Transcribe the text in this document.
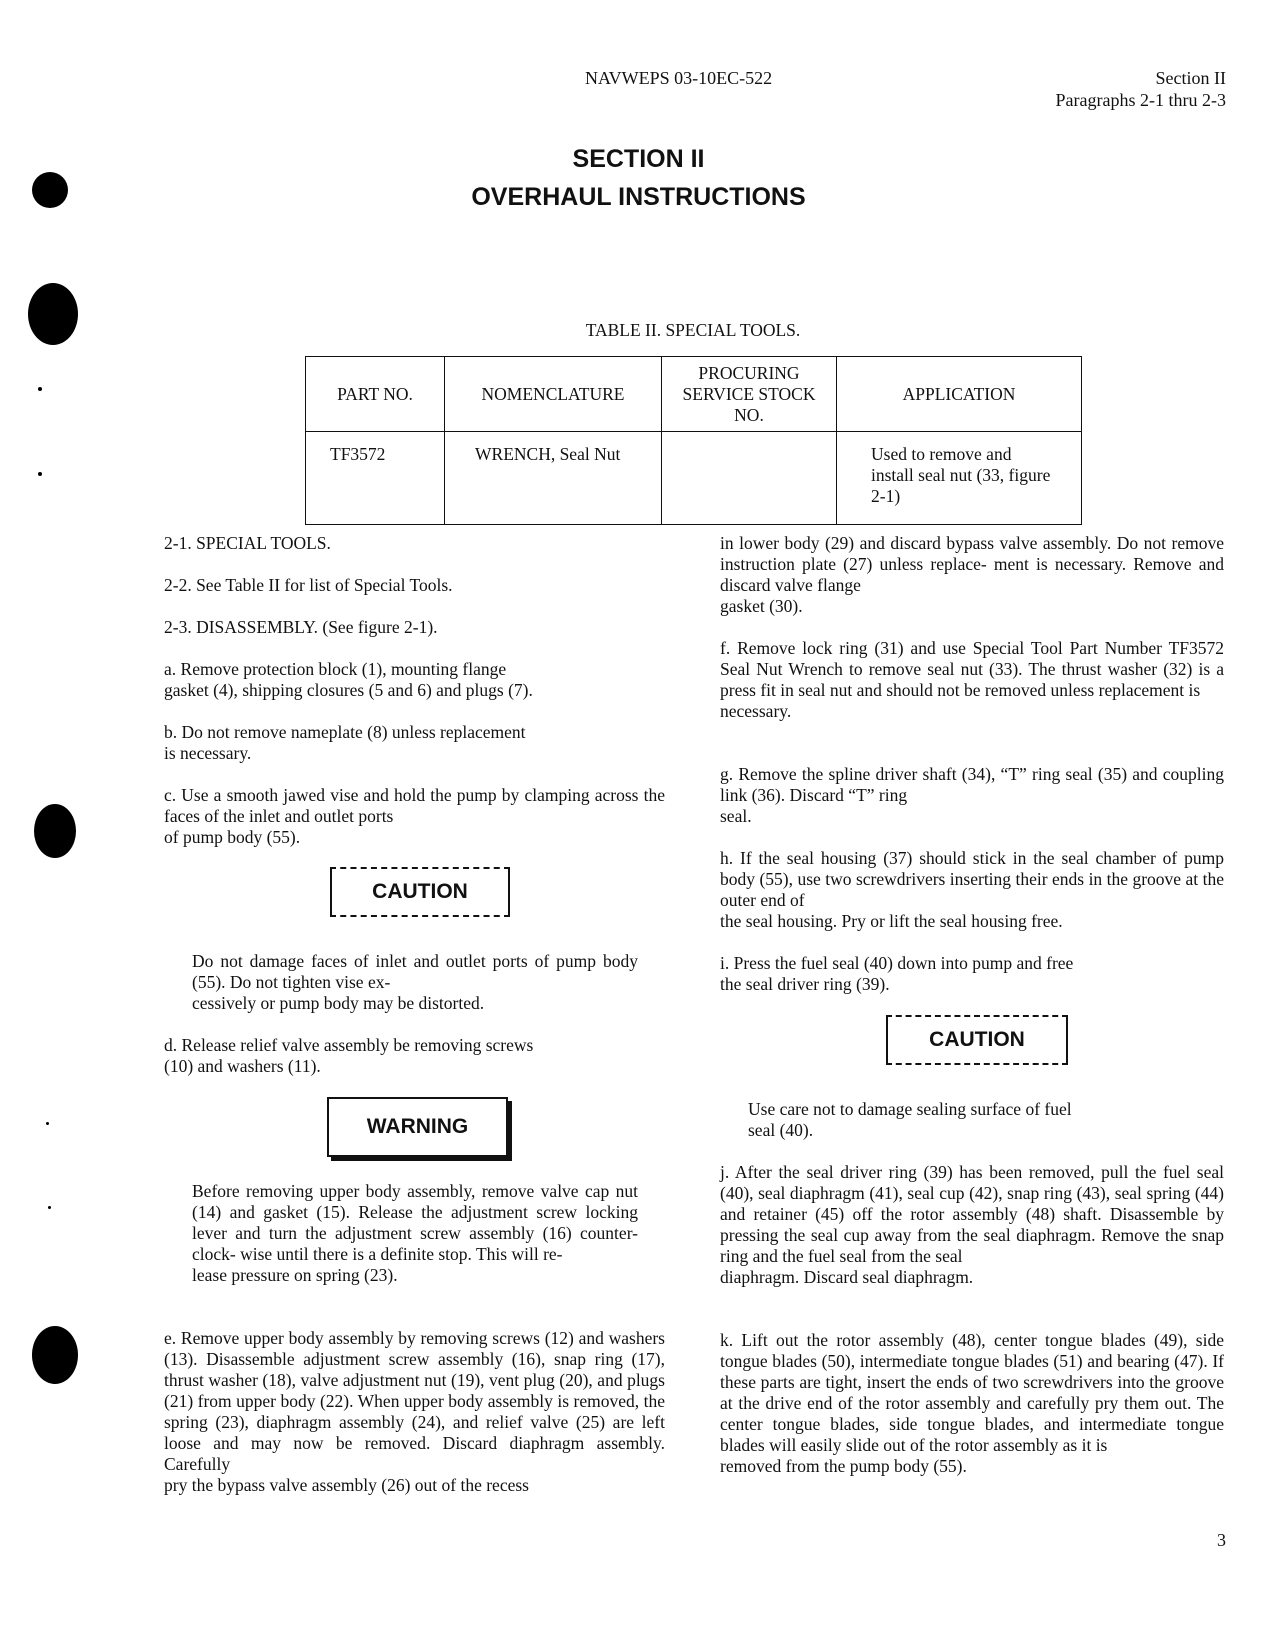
NAVWEPS 03-10EC-522	Section II
Paragraphs 2-1 thru 2-3
SECTION II
OVERHAUL INSTRUCTIONS
TABLE II. SPECIAL TOOLS.
PART NO.	NOMENCLATURE	PROCURING SERVICE STOCK NO.	APPLICATION
TF3572	WRENCH, Seal Nut		Used to remove and install seal nut (33, figure 2-1)
2-1. SPECIAL TOOLS.
2-2. See Table II for list of Special Tools.
2-3. DISASSEMBLY. (See figure 2-1).
a. Remove protection block (1), mounting flange
gasket (4), shipping closures (5 and 6) and plugs (7).
b. Do not remove nameplate (8) unless replacement
is necessary.
c. Use a smooth jawed vise and hold the pump by clamping across the faces of the inlet and outlet ports
of pump body (55).
CAUTION
Do not damage faces of inlet and outlet ports of pump body (55). Do not tighten vise ex-
cessively or pump body may be distorted.
d. Release relief valve assembly be removing screws
(10) and washers (11).
WARNING
Before removing upper body assembly, remove valve cap nut (14) and gasket (15). Release the adjustment screw locking lever and turn the adjustment screw assembly (16) counter-clock- wise until there is a definite stop. This will re-
lease pressure on spring (23).
e. Remove upper body assembly by removing screws (12) and washers (13). Disassemble adjustment screw assembly (16), snap ring (17), thrust washer (18), valve adjustment nut (19), vent plug (20), and plugs (21) from upper body (22). When upper body assembly is removed, the spring (23), diaphragm assembly (24), and relief valve (25) are left loose and may now be removed. Discard diaphragm assembly. Carefully
pry the bypass valve assembly (26) out of the recess
in lower body (29) and discard bypass valve assembly. Do not remove instruction plate (27) unless replace- ment is necessary. Remove and discard valve flange
gasket (30).
f. Remove lock ring (31) and use Special Tool Part Number TF3572 Seal Nut Wrench to remove seal nut (33). The thrust washer (32) is a press fit in seal nut and should not be removed unless replacement is
necessary.
g. Remove the spline driver shaft (34), “T” ring seal (35) and coupling link (36). Discard “T” ring
seal.
h. If the seal housing (37) should stick in the seal chamber of pump body (55), use two screwdrivers inserting their ends in the groove at the outer end of
the seal housing. Pry or lift the seal housing free.
i. Press the fuel seal (40) down into pump and free
the seal driver ring (39).
CAUTION
Use care not to damage sealing surface of fuel
seal (40).
j. After the seal driver ring (39) has been removed, pull the fuel seal (40), seal diaphragm (41), seal cup (42), snap ring (43), seal spring (44) and retainer (45) off the rotor assembly (48) shaft. Disassemble by pressing the seal cup away from the seal diaphragm. Remove the snap ring and the fuel seal from the seal
diaphragm. Discard seal diaphragm.
k. Lift out the rotor assembly (48), center tongue blades (49), side tongue blades (50), intermediate tongue blades (51) and bearing (47). If these parts are tight, insert the ends of two screwdrivers into the groove at the drive end of the rotor assembly and carefully pry them out. The center tongue blades, side tongue blades, and intermediate tongue blades will easily slide out of the rotor assembly as it is
removed from the pump body (55).
3
